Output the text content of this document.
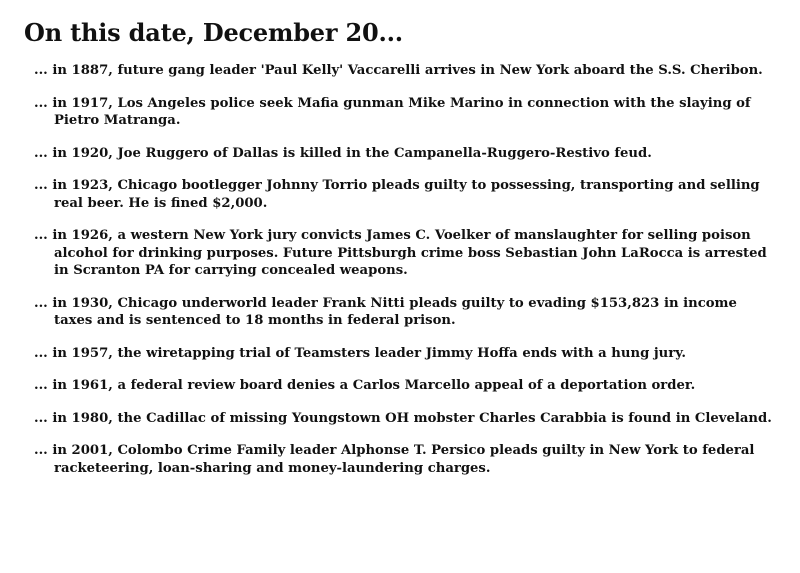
On this date, December 20...
... in 1887, future gang leader 'Paul Kelly' Vaccarelli arrives in New York aboard the S.S. Cheribon.
... in 1917, Los Angeles police seek Mafia gunman Mike Marino in connection with the slaying of Pietro Matranga.
... in 1920, Joe Ruggero of Dallas is killed in the Campanella-Ruggero-Restivo feud.
... in 1923, Chicago bootlegger Johnny Torrio pleads guilty to possessing, transporting and selling real beer. He is fined $2,000.
... in 1926, a western New York jury convicts James C. Voelker of manslaughter for selling poison alcohol for drinking purposes. Future Pittsburgh crime boss Sebastian John LaRocca is arrested in Scranton PA for carrying concealed weapons.
... in 1930, Chicago underworld leader Frank Nitti pleads guilty to evading $153,823 in income taxes and is sentenced to 18 months in federal prison.
... in 1957, the wiretapping trial of Teamsters leader Jimmy Hoffa ends with a hung jury.
... in 1961, a federal review board denies a Carlos Marcello appeal of a deportation order.
... in 1980, the Cadillac of missing Youngstown OH mobster Charles Carabbia is found in Cleveland.
... in 2001, Colombo Crime Family leader Alphonse T. Persico pleads guilty in New York to federal racketeering, loan-sharing and money-laundering charges.
